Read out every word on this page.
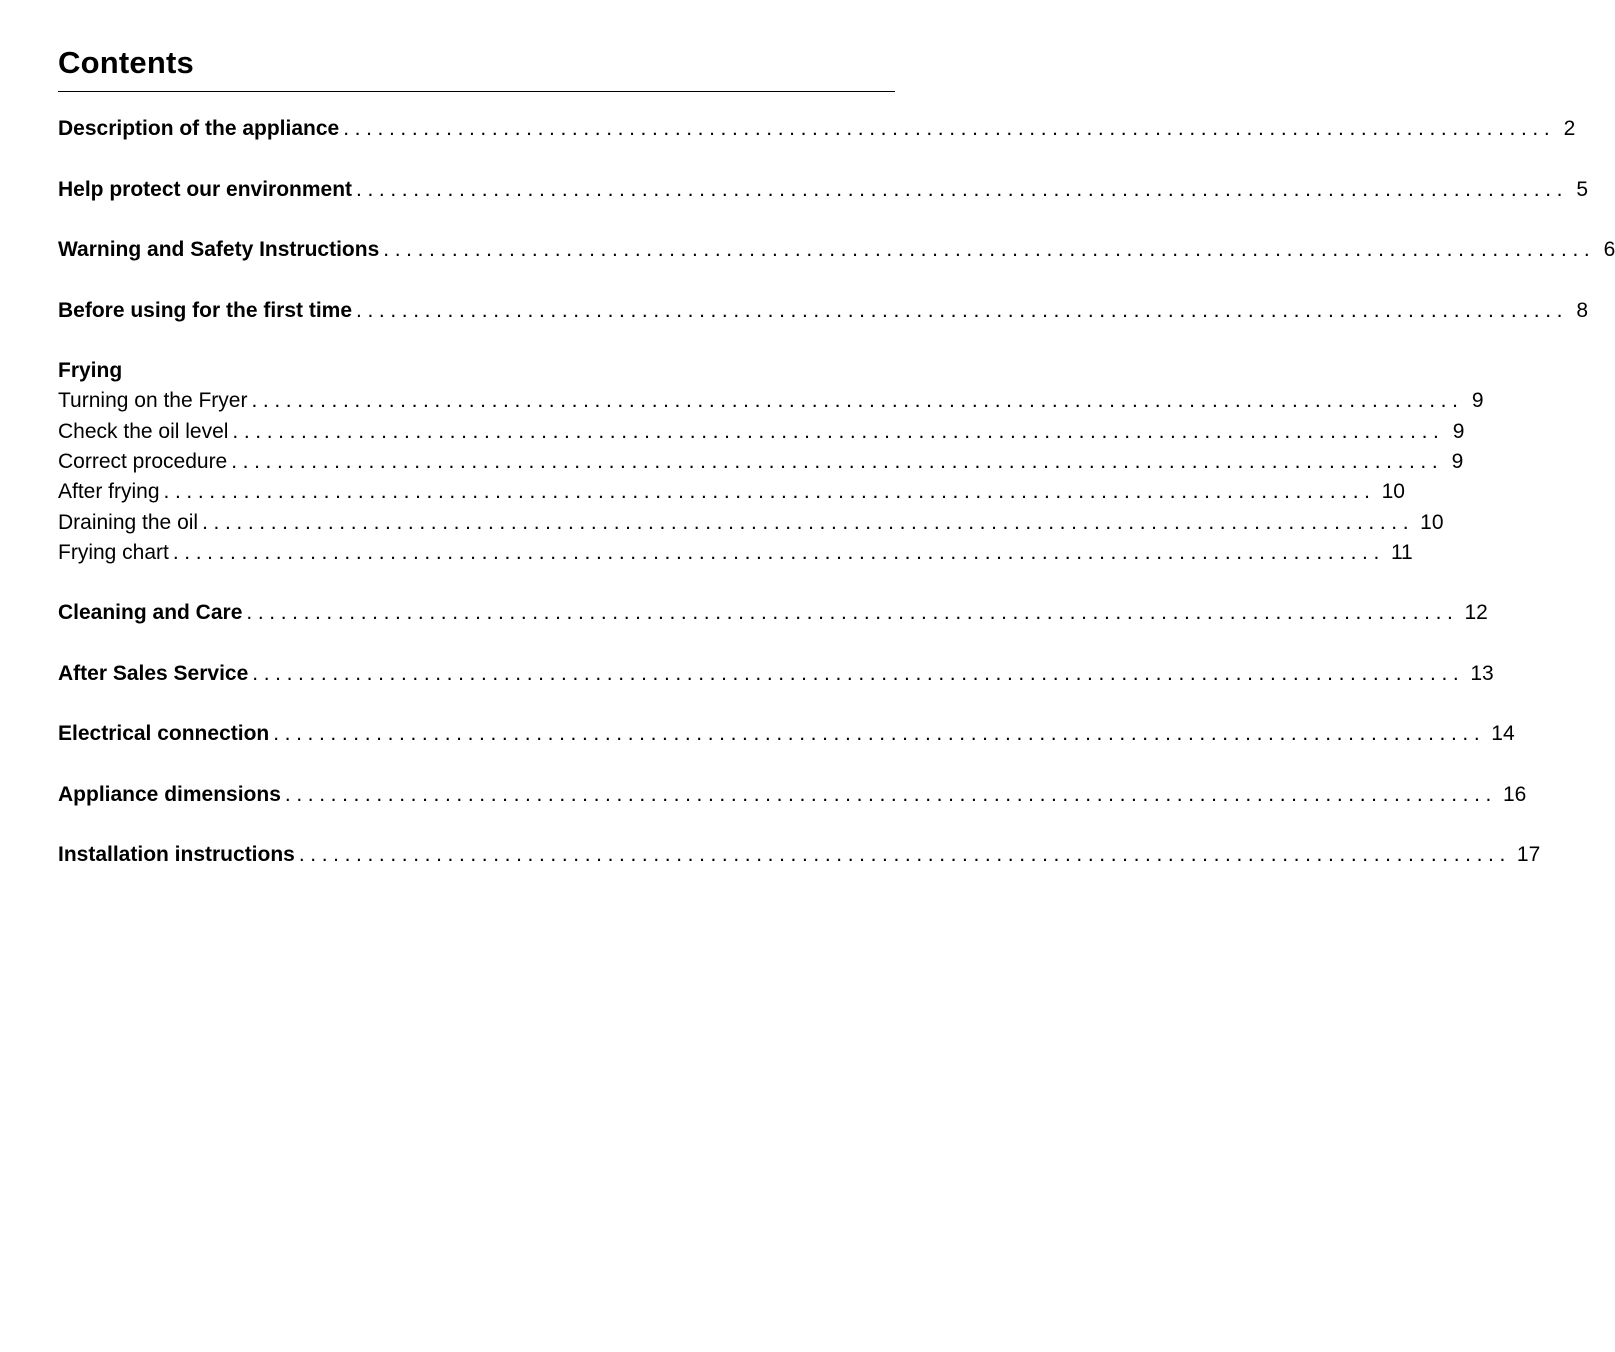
Contents
Description of the appliance .......................................................................................................... 2
Help protect our environment .......................................................................................................... 5
Warning and Safety Instructions .......................................................................................................... 6
Before using for the first time .......................................................................................................... 8
Frying
Turning on the Fryer .......................................................................................................... 9
Check the oil level .......................................................................................................... 9
Correct procedure .......................................................................................................... 9
After frying .......................................................................................................... 10
Draining the oil .......................................................................................................... 10
Frying chart .......................................................................................................... 11
Cleaning and Care .......................................................................................................... 12
After Sales Service .......................................................................................................... 13
Electrical connection .......................................................................................................... 14
Appliance dimensions .......................................................................................................... 16
Installation instructions .......................................................................................................... 17
